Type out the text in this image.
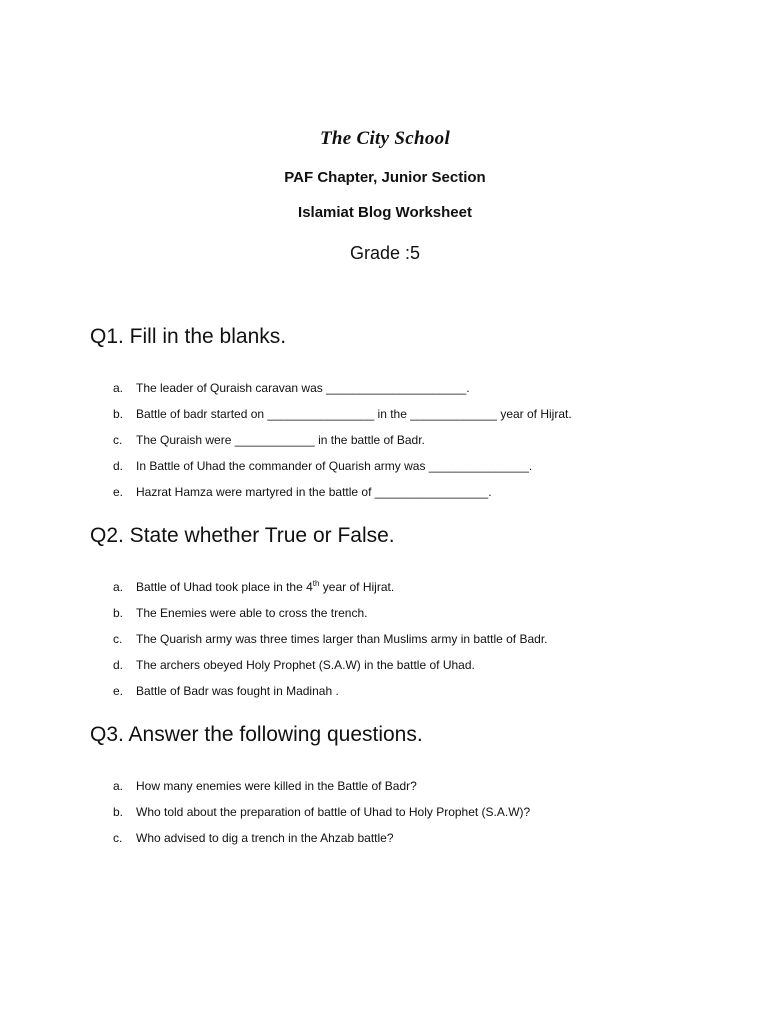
The City School
PAF Chapter, Junior Section
Islamiat Blog Worksheet
Grade :5
Q1. Fill in the blanks.
a. The leader of Quraish caravan was _____________________.
b. Battle of badr started on ________________ in the _____________ year of Hijrat.
c. The Quraish were ____________ in the battle of Badr.
d. In Battle of Uhad the commander of Quarish army was _______________.
e. Hazrat Hamza were martyred in the battle of _________________.
Q2. State whether True or False.
a. Battle of Uhad took place in the 4th year of Hijrat.
b. The Enemies were able to cross the trench.
c. The Quarish army was three times larger than Muslims army in battle of Badr.
d. The archers obeyed Holy Prophet (S.A.W) in the battle of Uhad.
e. Battle of Badr was fought in Madinah .
Q3. Answer the following questions.
a. How many enemies were killed in the Battle of Badr?
b. Who told about the preparation of battle of Uhad to Holy Prophet (S.A.W)?
c. Who advised to dig a trench in the Ahzab battle?
